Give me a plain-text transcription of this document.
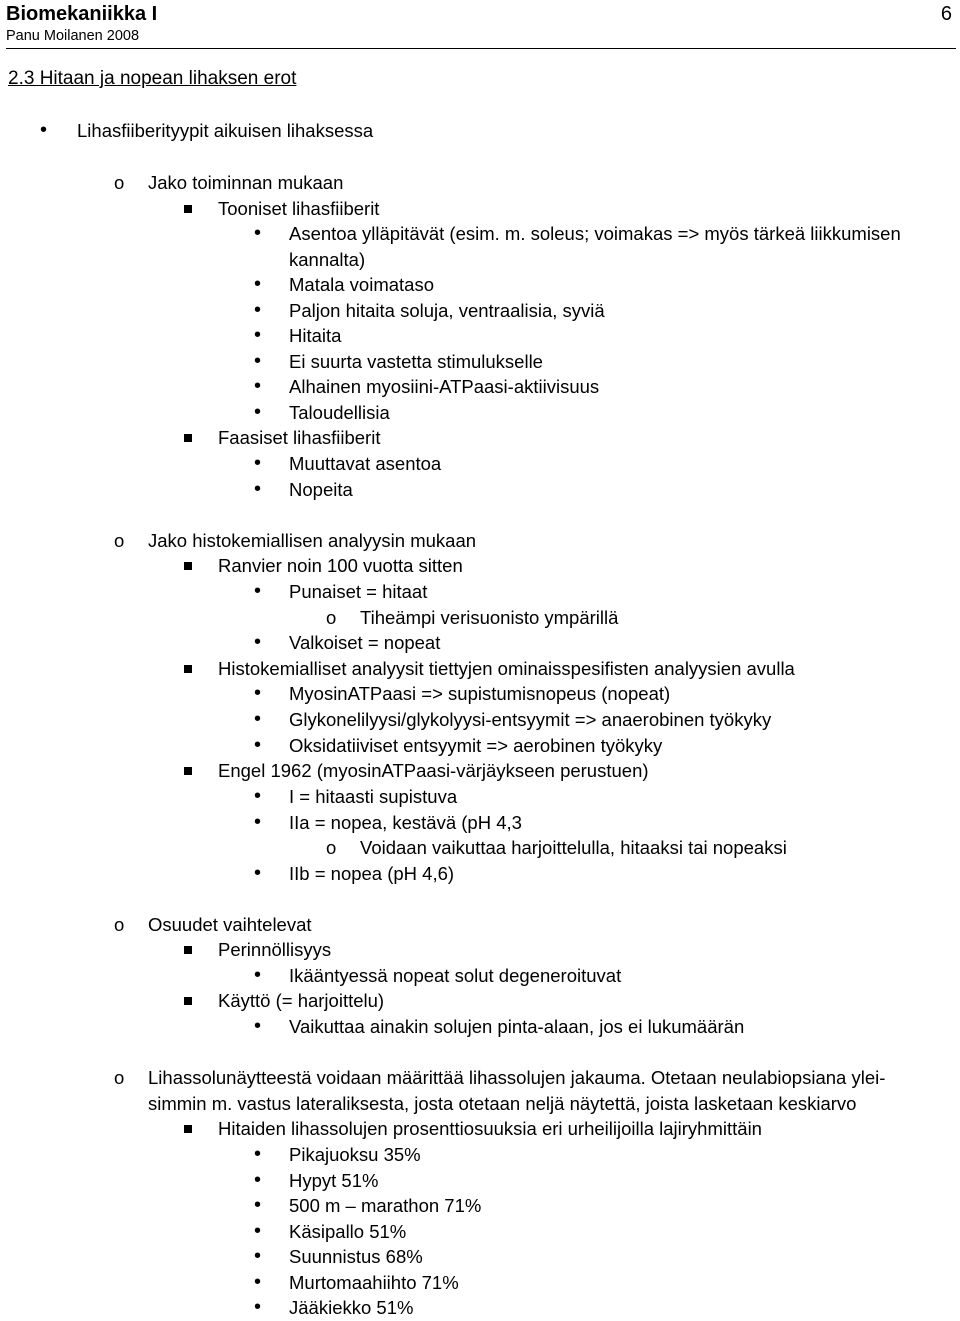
Biomekaniikka I
Panu Moilanen 2008
6
2.3 Hitaan ja nopean lihaksen erot
• Lihasfiiberityypit aikuisen lihaksessa
o Jako toiminnan mukaan
Tooniset lihasfiiberit
• Asentoa ylläpitävät (esim. m. soleus; voimakas => myös tärkeä liikkumisen
kannalta)
• Matala voimataso
• Paljon hitaita soluja, ventraalisia, syviä
• Hitaita
• Ei suurta vastetta stimulukselle
• Alhainen myosiini-ATPaasi-aktiivisuus
• Taloudellisia
Faasiset lihasfiiberit
• Muuttavat asentoa
• Nopeita
o Jako histokemiallisen analyysin mukaan
Ranvier noin 100 vuotta sitten
• Punaiset = hitaat
o Tiheämpi verisuonisto ympärillä
• Valkoiset = nopeat
Histokemialliset analyysit tiettyjen ominaisspesifisten analyysien avulla
• MyosinATPaasi => supistumisnopeus (nopeat)
• Glykonelilyysi/glykolyysi-entsyymit => anaerobinen työkyky
• Oksidatiiviset entsyymit => aerobinen työkyky
Engel 1962 (myosinATPaasi-värjäykseen perustuen)
• I = hitaasti supistuva
• IIa = nopea, kestävä (pH 4,3
o Voidaan vaikuttaa harjoittelulla, hitaaksi tai nopeaksi
• IIb = nopea (pH 4,6)
o Osuudet vaihtelevat
Perinnöllisyys
• Ikääntyessä nopeat solut degeneroituvat
Käyttö (= harjoittelu)
• Vaikuttaa ainakin solujen pinta-alaan, jos ei lukumäärän
o Lihassolunäytteestä voidaan määrittää lihassolujen jakauma. Otetaan neulabiopsiana ylei-
simmin m. vastus lateraliksesta, josta otetaan neljä näytettä, joista lasketaan keskiarvo
Hitaiden lihassolujen prosenttiosuuksia eri urheilijoilla lajiryhmittäin
• Pikajuoksu 35%
• Hypyt 51%
• 500 m – marathon 71%
• Käsipallo 51%
• Suunnistus 68%
• Murtomaahiihto 71%
• Jääkiekko 51%
